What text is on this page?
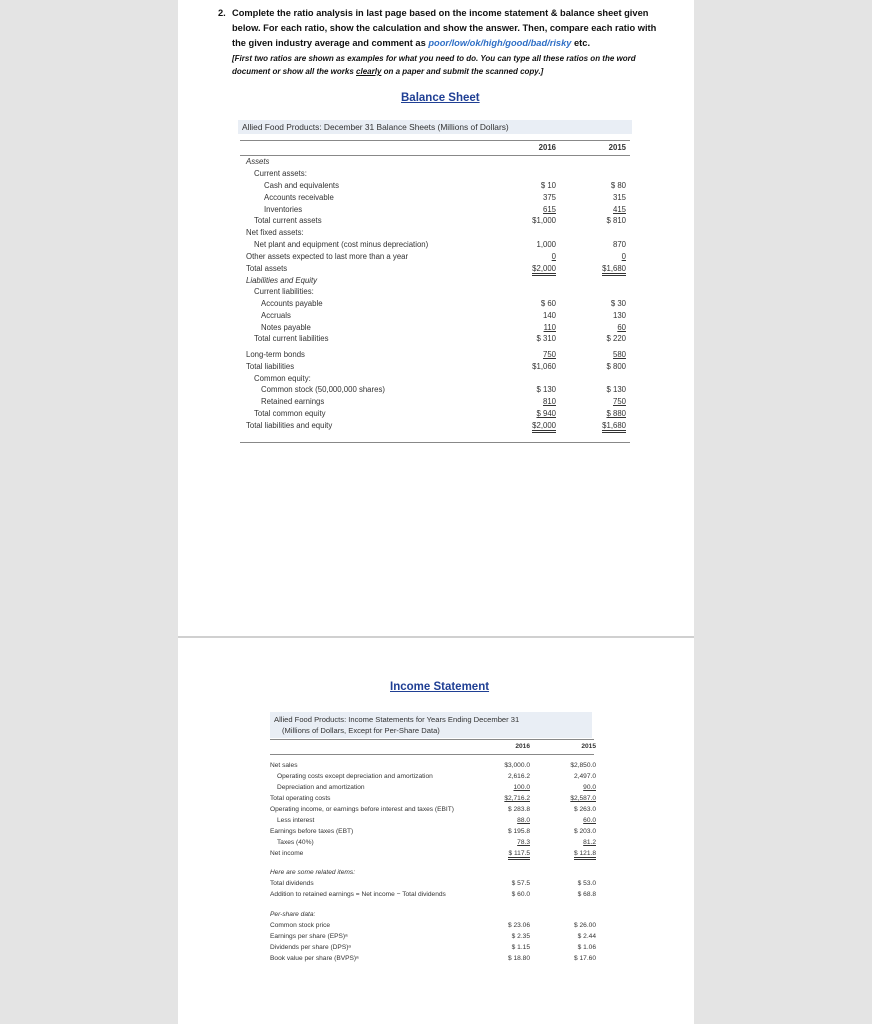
2. Complete the ratio analysis in last page based on the income statement & balance sheet given below. For each ratio, show the calculation and show the answer. Then, compare each ratio with the given industry average and comment as poor/low/ok/high/good/bad/risky etc.
[First two ratios are shown as examples for what you need to do. You can type all these ratios on the word document or show all the works clearly on a paper and submit the scanned copy.]
Balance Sheet
Allied Food Products: December 31 Balance Sheets (Millions of Dollars)
2016	2015
Assets
Current assets:
Cash and equivalents	$ 10	$ 80
Accounts receivable	375	315
Inventories	615	415
Total current assets	$1,000	$ 810
Net fixed assets:
Net plant and equipment (cost minus depreciation)	1,000	870
Other assets expected to last more than a year	0	0
Total assets	$2,000	$1,680
Liabilities and Equity
Current liabilities:
Accounts payable	$ 60	$ 30
Accruals	140	130
Notes payable	110	60
Total current liabilities	$ 310	$ 220
Long-term bonds	750	580
Total liabilities	$1,060	$ 800
Common equity:
Common stock (50,000,000 shares)	$ 130	$ 130
Retained earnings	810	750
Total common equity	$ 940	$ 880
Total liabilities and equity	$2,000	$1,680
Income Statement
Allied Food Products: Income Statements for Years Ending December 31
(Millions of Dollars, Except for Per-Share Data)
2016	2015
Net sales	$3,000.0	$2,850.0
Operating costs except depreciation and amortization	2,616.2	2,497.0
Depreciation and amortization	100.0	90.0
Total operating costs	$2,716.2	$2,587.0
Operating income, or earnings before interest and taxes (EBIT)	$ 283.8	$ 263.0
Less interest	88.0	60.0
Earnings before taxes (EBT)	$ 195.8	$ 203.0
Taxes (40%)	78.3	81.2
Net income	$ 117.5	$ 121.8
Here are some related items:
Total dividends	$ 57.5	$ 53.0
Addition to retained earnings = Net income − Total dividends	$ 60.0	$ 68.8
Per-share data:
Common stock price	$ 23.06	$ 26.00
Earnings per share (EPS)ᵃ	$ 2.35	$ 2.44
Dividends per share (DPS)ᵃ	$ 1.15	$ 1.06
Book value per share (BVPS)ᵃ	$ 18.80	$ 17.60
